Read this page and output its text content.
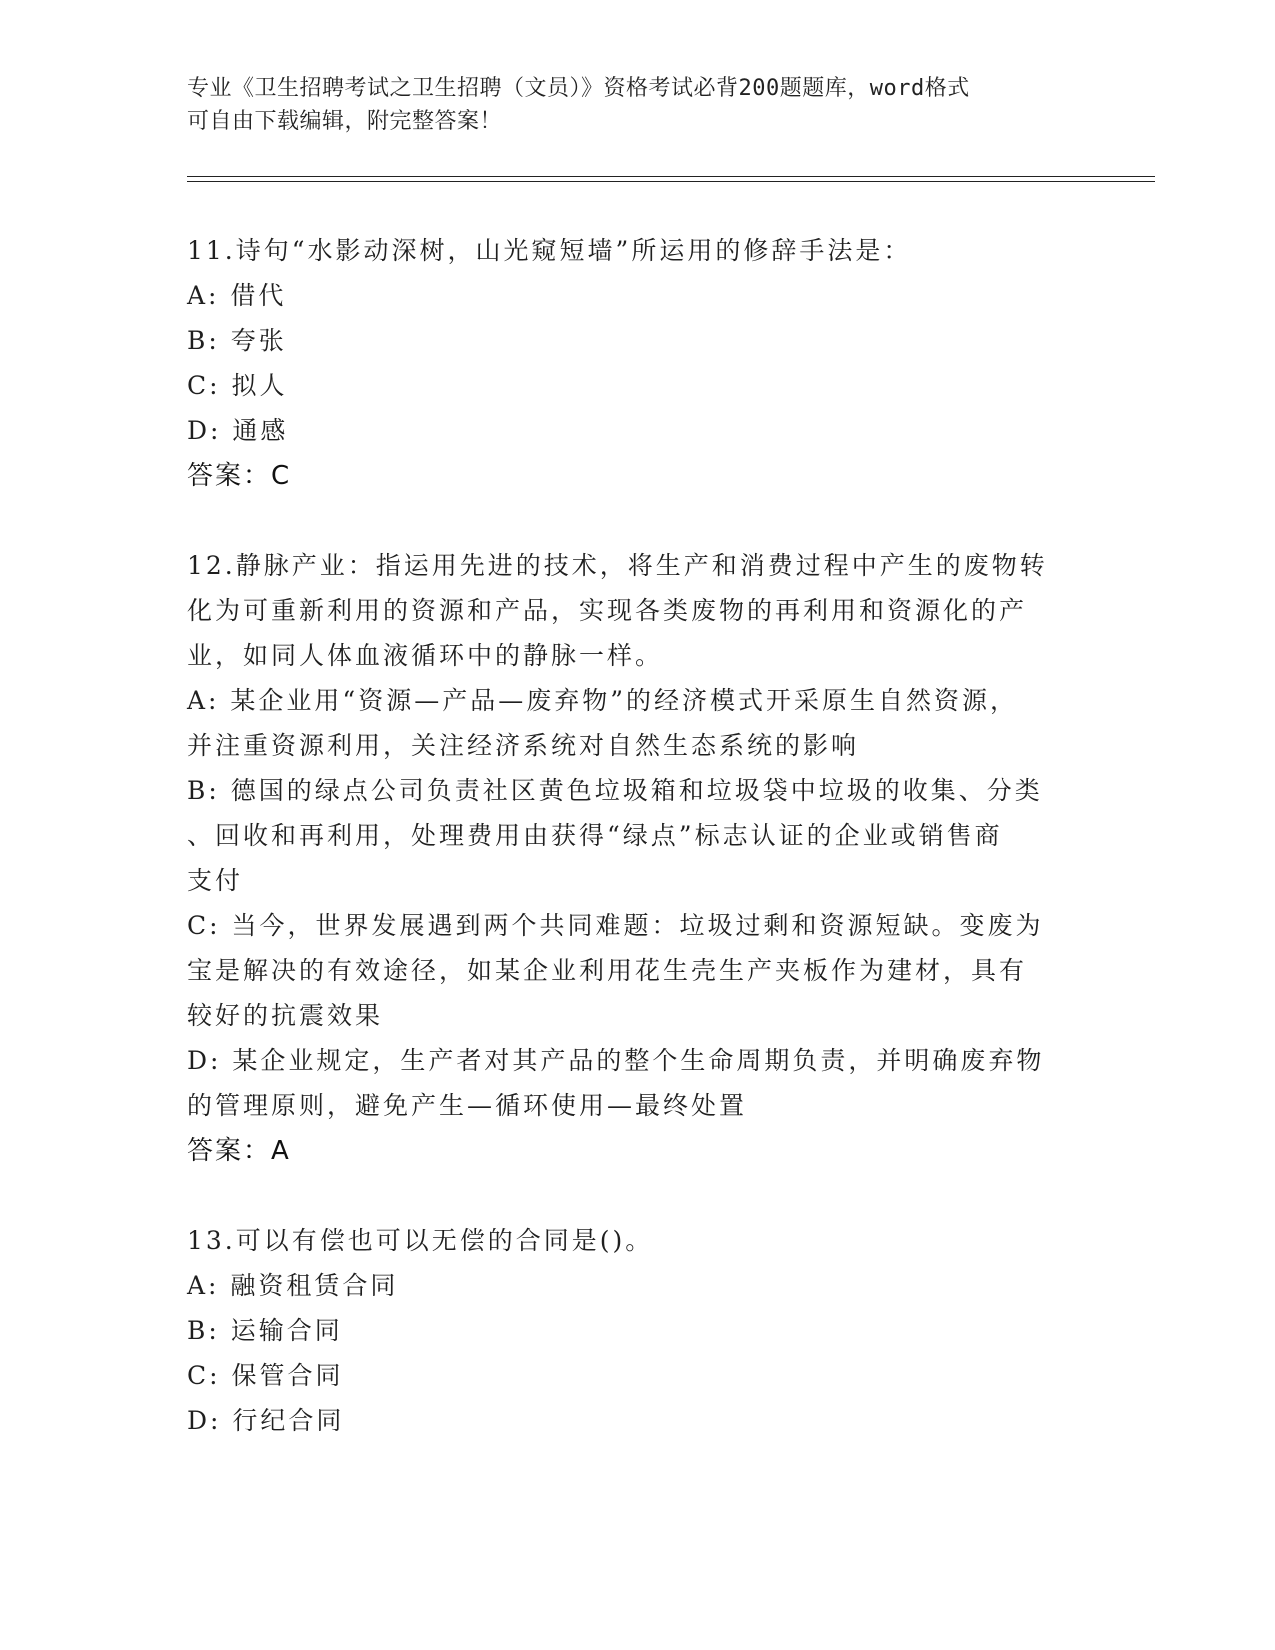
专业《卫生招聘考试之卫生招聘（文员）》资格考试必背200题题库，word格式
可自由下载编辑，附完整答案！

11.诗句“水影动深树，山光窥短墙”所运用的修辞手法是：

A: 借代

B: 夸张

C: 拟人

D: 通感

答案：C

12.静脉产业：指运用先进的技术，将生产和消费过程中产生的废物转

化为可重新利用的资源和产品，实现各类废物的再利用和资源化的产

业，如同人体血液循环中的静脉一样。

A: 某企业用“资源—产品—废弃物”的经济模式开采原生自然资源，

并注重资源利用，关注经济系统对自然生态系统的影响

B: 德国的绿点公司负责社区黄色垃圾箱和垃圾袋中垃圾的收集、分类

、回收和再利用，处理费用由获得“绿点”标志认证的企业或销售商

支付

C: 当今，世界发展遇到两个共同难题：垃圾过剩和资源短缺。变废为

宝是解决的有效途径，如某企业利用花生壳生产夹板作为建材，具有

较好的抗震效果

D: 某企业规定，生产者对其产品的整个生命周期负责，并明确废弃物

的管理原则，避免产生—循环使用—最终处置

答案：A

13.可以有偿也可以无偿的合同是()。

A: 融资租赁合同

B: 运输合同

C: 保管合同

D: 行纪合同
